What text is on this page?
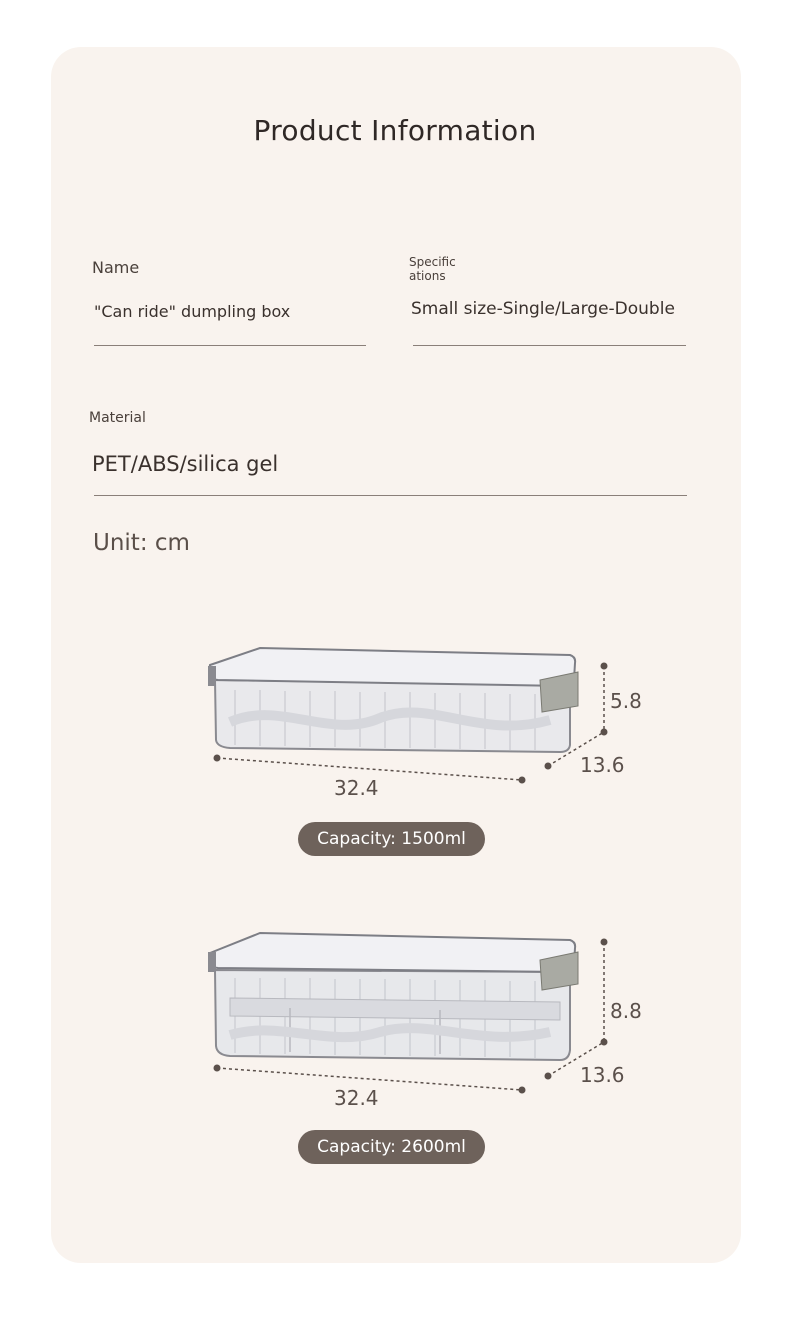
Product Information
Name
"Can ride" dumpling box
Specific
ations
Small size-Single/Large-Double
Material
PET/ABS/silica gel
Unit: cm
5.8
13.6
32.4
Capacity: 1500ml
8.8
13.6
32.4
Capacity: 2600ml
